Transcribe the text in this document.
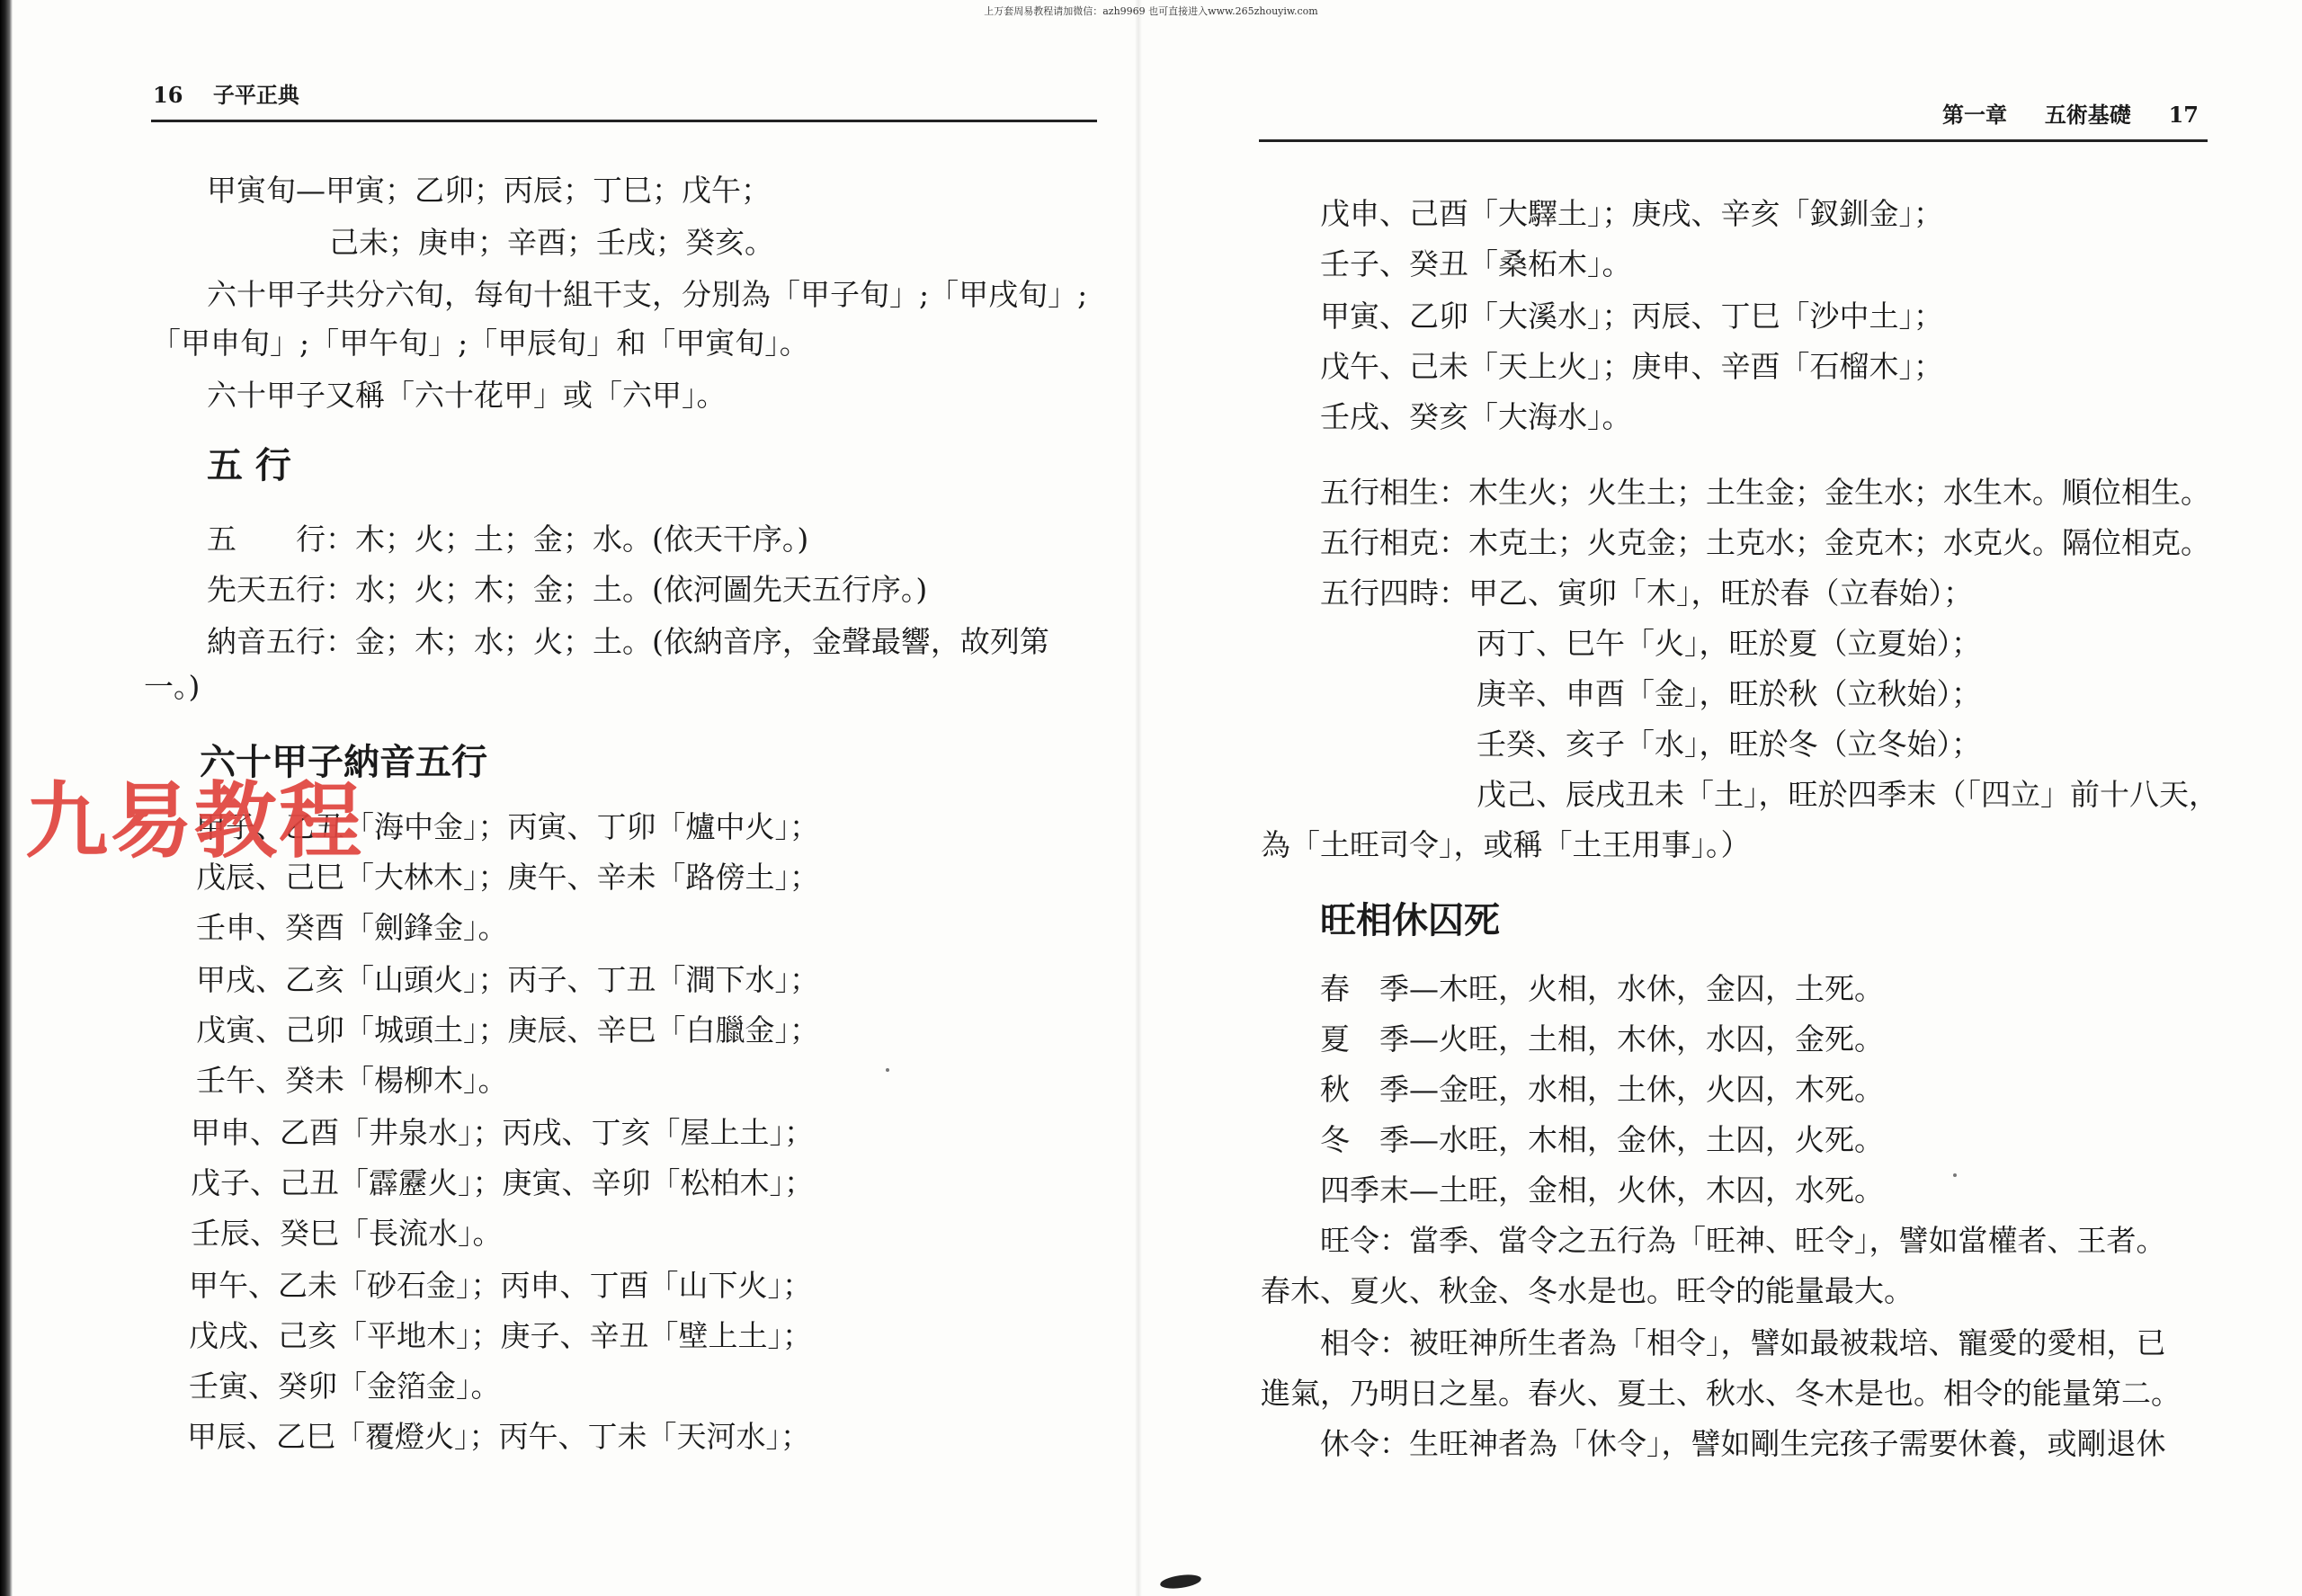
上万套周易教程请加微信：azh9969 也可直接进入www.265zhouyiw.com
16 子平正典
甲寅旬—甲寅；乙卯；丙辰；丁巳；戊午；
己未；庚申；辛酉；壬戌；癸亥。
六十甲子共分六旬，每旬十組干支，分別為「甲子旬」;「甲戌旬」;
「甲申旬」;「甲午旬」;「甲辰旬」和「甲寅旬」。
六十甲子又稱「六十花甲」或「六甲」。
五 行
五　　行：木；火；土；金；水。(依天干序。)
先天五行：水；火；木；金；土。(依河圖先天五行序。)
納音五行：金；木；水；火；土。(依納音序，金聲最響，故列第
一。)
六十甲子納音五行
甲子、乙丑「海中金」；丙寅、丁卯「爐中火」；
戊辰、己巳「大林木」；庚午、辛未「路傍土」；
壬申、癸酉「劍鋒金」。
甲戌、乙亥「山頭火」；丙子、丁丑「澗下水」；
戊寅、己卯「城頭土」；庚辰、辛巳「白臘金」；
壬午、癸未「楊柳木」。
甲申、乙酉「井泉水」；丙戌、丁亥「屋上土」；
戊子、己丑「霹靂火」；庚寅、辛卯「松柏木」；
壬辰、癸巳「長流水」。
甲午、乙未「砂石金」；丙申、丁酉「山下火」；
戊戌、己亥「平地木」；庚子、辛丑「壁上土」；
壬寅、癸卯「金箔金」。
甲辰、乙巳「覆燈火」；丙午、丁未「天河水」；
九易教程
第一章 五術基礎 17
戊申、己酉「大驛土」；庚戌、辛亥「釵釧金」；
壬子、癸丑「桑柘木」。
甲寅、乙卯「大溪水」；丙辰、丁巳「沙中土」；
戊午、己未「天上火」；庚申、辛酉「石榴木」；
壬戌、癸亥「大海水」。
五行相生：木生火；火生土；土生金；金生水；水生木。順位相生。
五行相克：木克土；火克金；土克水；金克木；水克火。隔位相克。
五行四時：甲乙、寅卯「木」，旺於春（立春始）；
丙丁、巳午「火」，旺於夏（立夏始）；
庚辛、申酉「金」，旺於秋（立秋始）；
壬癸、亥子「水」，旺於冬（立冬始）；
戊己、辰戌丑未「土」，旺於四季末（「四立」前十八天，
為「土旺司令」，或稱「土王用事」。）
旺相休囚死
春　季—木旺，火相，水休，金囚，土死。
夏　季—火旺，土相，木休，水囚，金死。
秋　季—金旺，水相，土休，火囚，木死。
冬　季—水旺，木相，金休，土囚，火死。
四季末—土旺，金相，火休，木囚，水死。
旺令：當季、當令之五行為「旺神、旺令」，譬如當權者、王者。
春木、夏火、秋金、冬水是也。旺令的能量最大。
相令：被旺神所生者為「相令」，譬如最被栽培、寵愛的愛相，已
進氣，乃明日之星。春火、夏土、秋水、冬木是也。相令的能量第二。
休令：生旺神者為「休令」，譬如剛生完孩子需要休養，或剛退休
